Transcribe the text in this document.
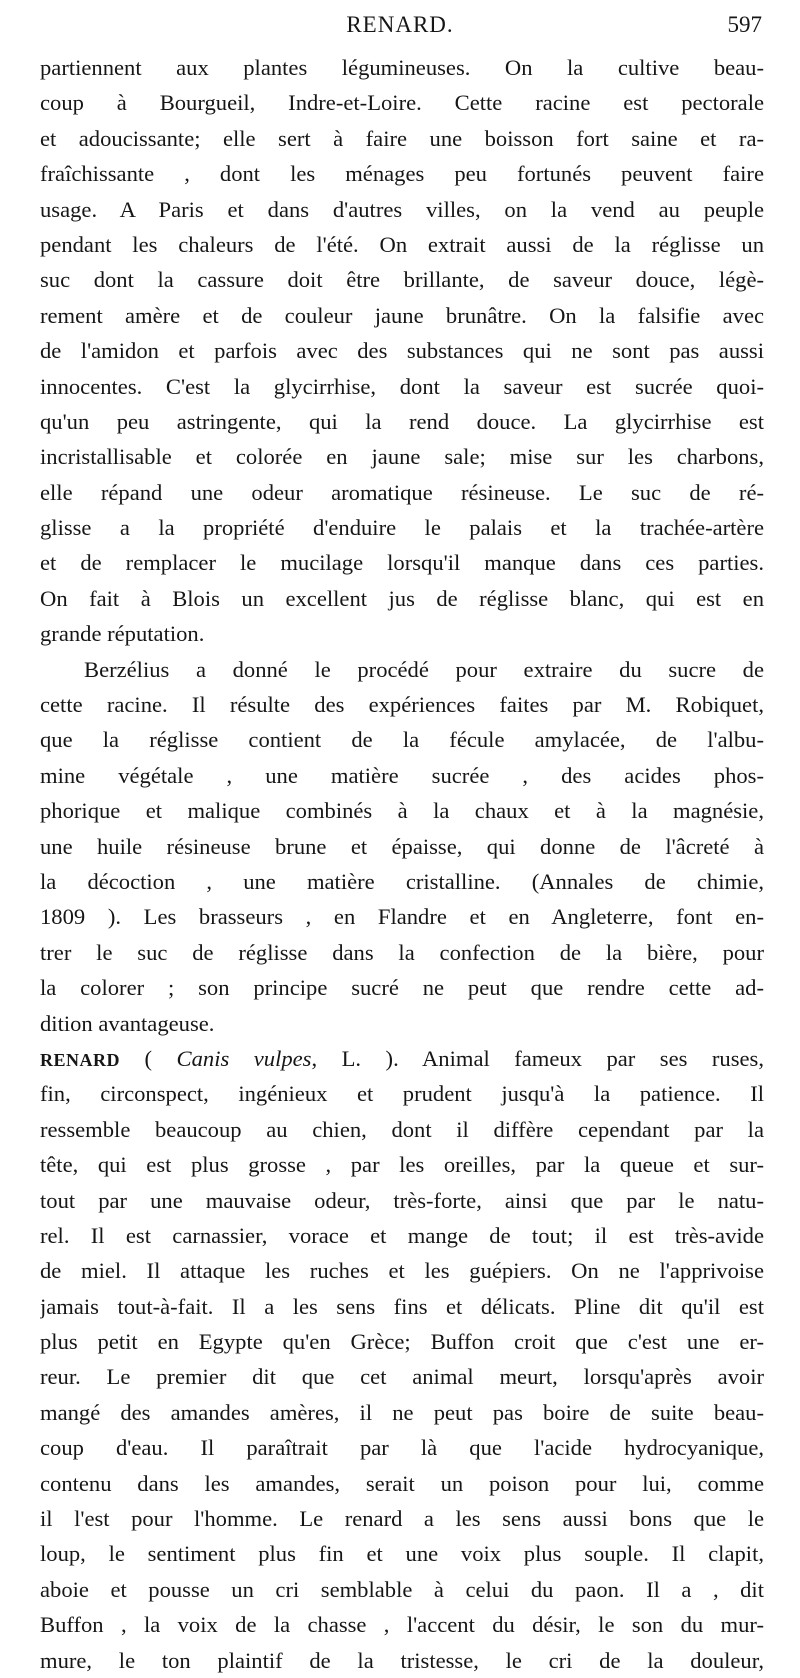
RENARD.	597
partiennent aux plantes légumineuses. On la cultive beau-
coup à Bourgueil, Indre-et-Loire. Cette racine est pectorale
et adoucissante; elle sert à faire une boisson fort saine et ra-
fraîchissante , dont les ménages peu fortunés peuvent faire
usage. A Paris et dans d'autres villes, on la vend au peuple
pendant les chaleurs de l'été. On extrait aussi de la réglisse un
suc dont la cassure doit être brillante, de saveur douce, légè-
rement amère et de couleur jaune brunâtre. On la falsifie avec
de l'amidon et parfois avec des substances qui ne sont pas aussi
innocentes. C'est la glycirrhise, dont la saveur est sucrée quoi-
qu'un peu astringente, qui la rend douce. La glycirrhise est
incristallisable et colorée en jaune sale; mise sur les charbons,
elle répand une odeur aromatique résineuse. Le suc de ré-
glisse a la propriété d'enduire le palais et la trachée-artère
et de remplacer le mucilage lorsqu'il manque dans ces parties.
On fait à Blois un excellent jus de réglisse blanc, qui est en
grande réputation.
Berzélius a donné le procédé pour extraire du sucre de
cette racine. Il résulte des expériences faites par M. Robiquet,
que la réglisse contient de la fécule amylacée, de l'albu-
mine végétale , une matière sucrée , des acides phos-
phorique et malique combinés à la chaux et à la magnésie,
une huile résineuse brune et épaisse, qui donne de l'âcreté à
la décoction , une matière cristalline. (Annales de chimie,
1809 ). Les brasseurs , en Flandre et en Angleterre, font en-
trer le suc de réglisse dans la confection de la bière, pour
la colorer ; son principe sucré ne peut que rendre cette ad-
dition avantageuse.
RENARD ( Canis vulpes, L. ). Animal fameux par ses ruses,
fin, circonspect, ingénieux et prudent jusqu'à la patience. Il
ressemble beaucoup au chien, dont il diffère cependant par la
tête, qui est plus grosse , par les oreilles, par la queue et sur-
tout par une mauvaise odeur, très-forte, ainsi que par le natu-
rel. Il est carnassier, vorace et mange de tout; il est très-avide
de miel. Il attaque les ruches et les guépiers. On ne l'apprivoise
jamais tout-à-fait. Il a les sens fins et délicats. Pline dit qu'il est
plus petit en Egypte qu'en Grèce; Buffon croit que c'est une er-
reur. Le premier dit que cet animal meurt, lorsqu'après avoir
mangé des amandes amères, il ne peut pas boire de suite beau-
coup d'eau. Il paraîtrait par là que l'acide hydrocyanique,
contenu dans les amandes, serait un poison pour lui, comme
il l'est pour l'homme. Le renard a les sens aussi bons que le
loup, le sentiment plus fin et une voix plus souple. Il clapit,
aboie et pousse un cri semblable à celui du paon. Il a , dit
Buffon , la voix de la chasse , l'accent du désir, le son du mur-
mure, le ton plaintif de la tristesse, le cri de la douleur,
